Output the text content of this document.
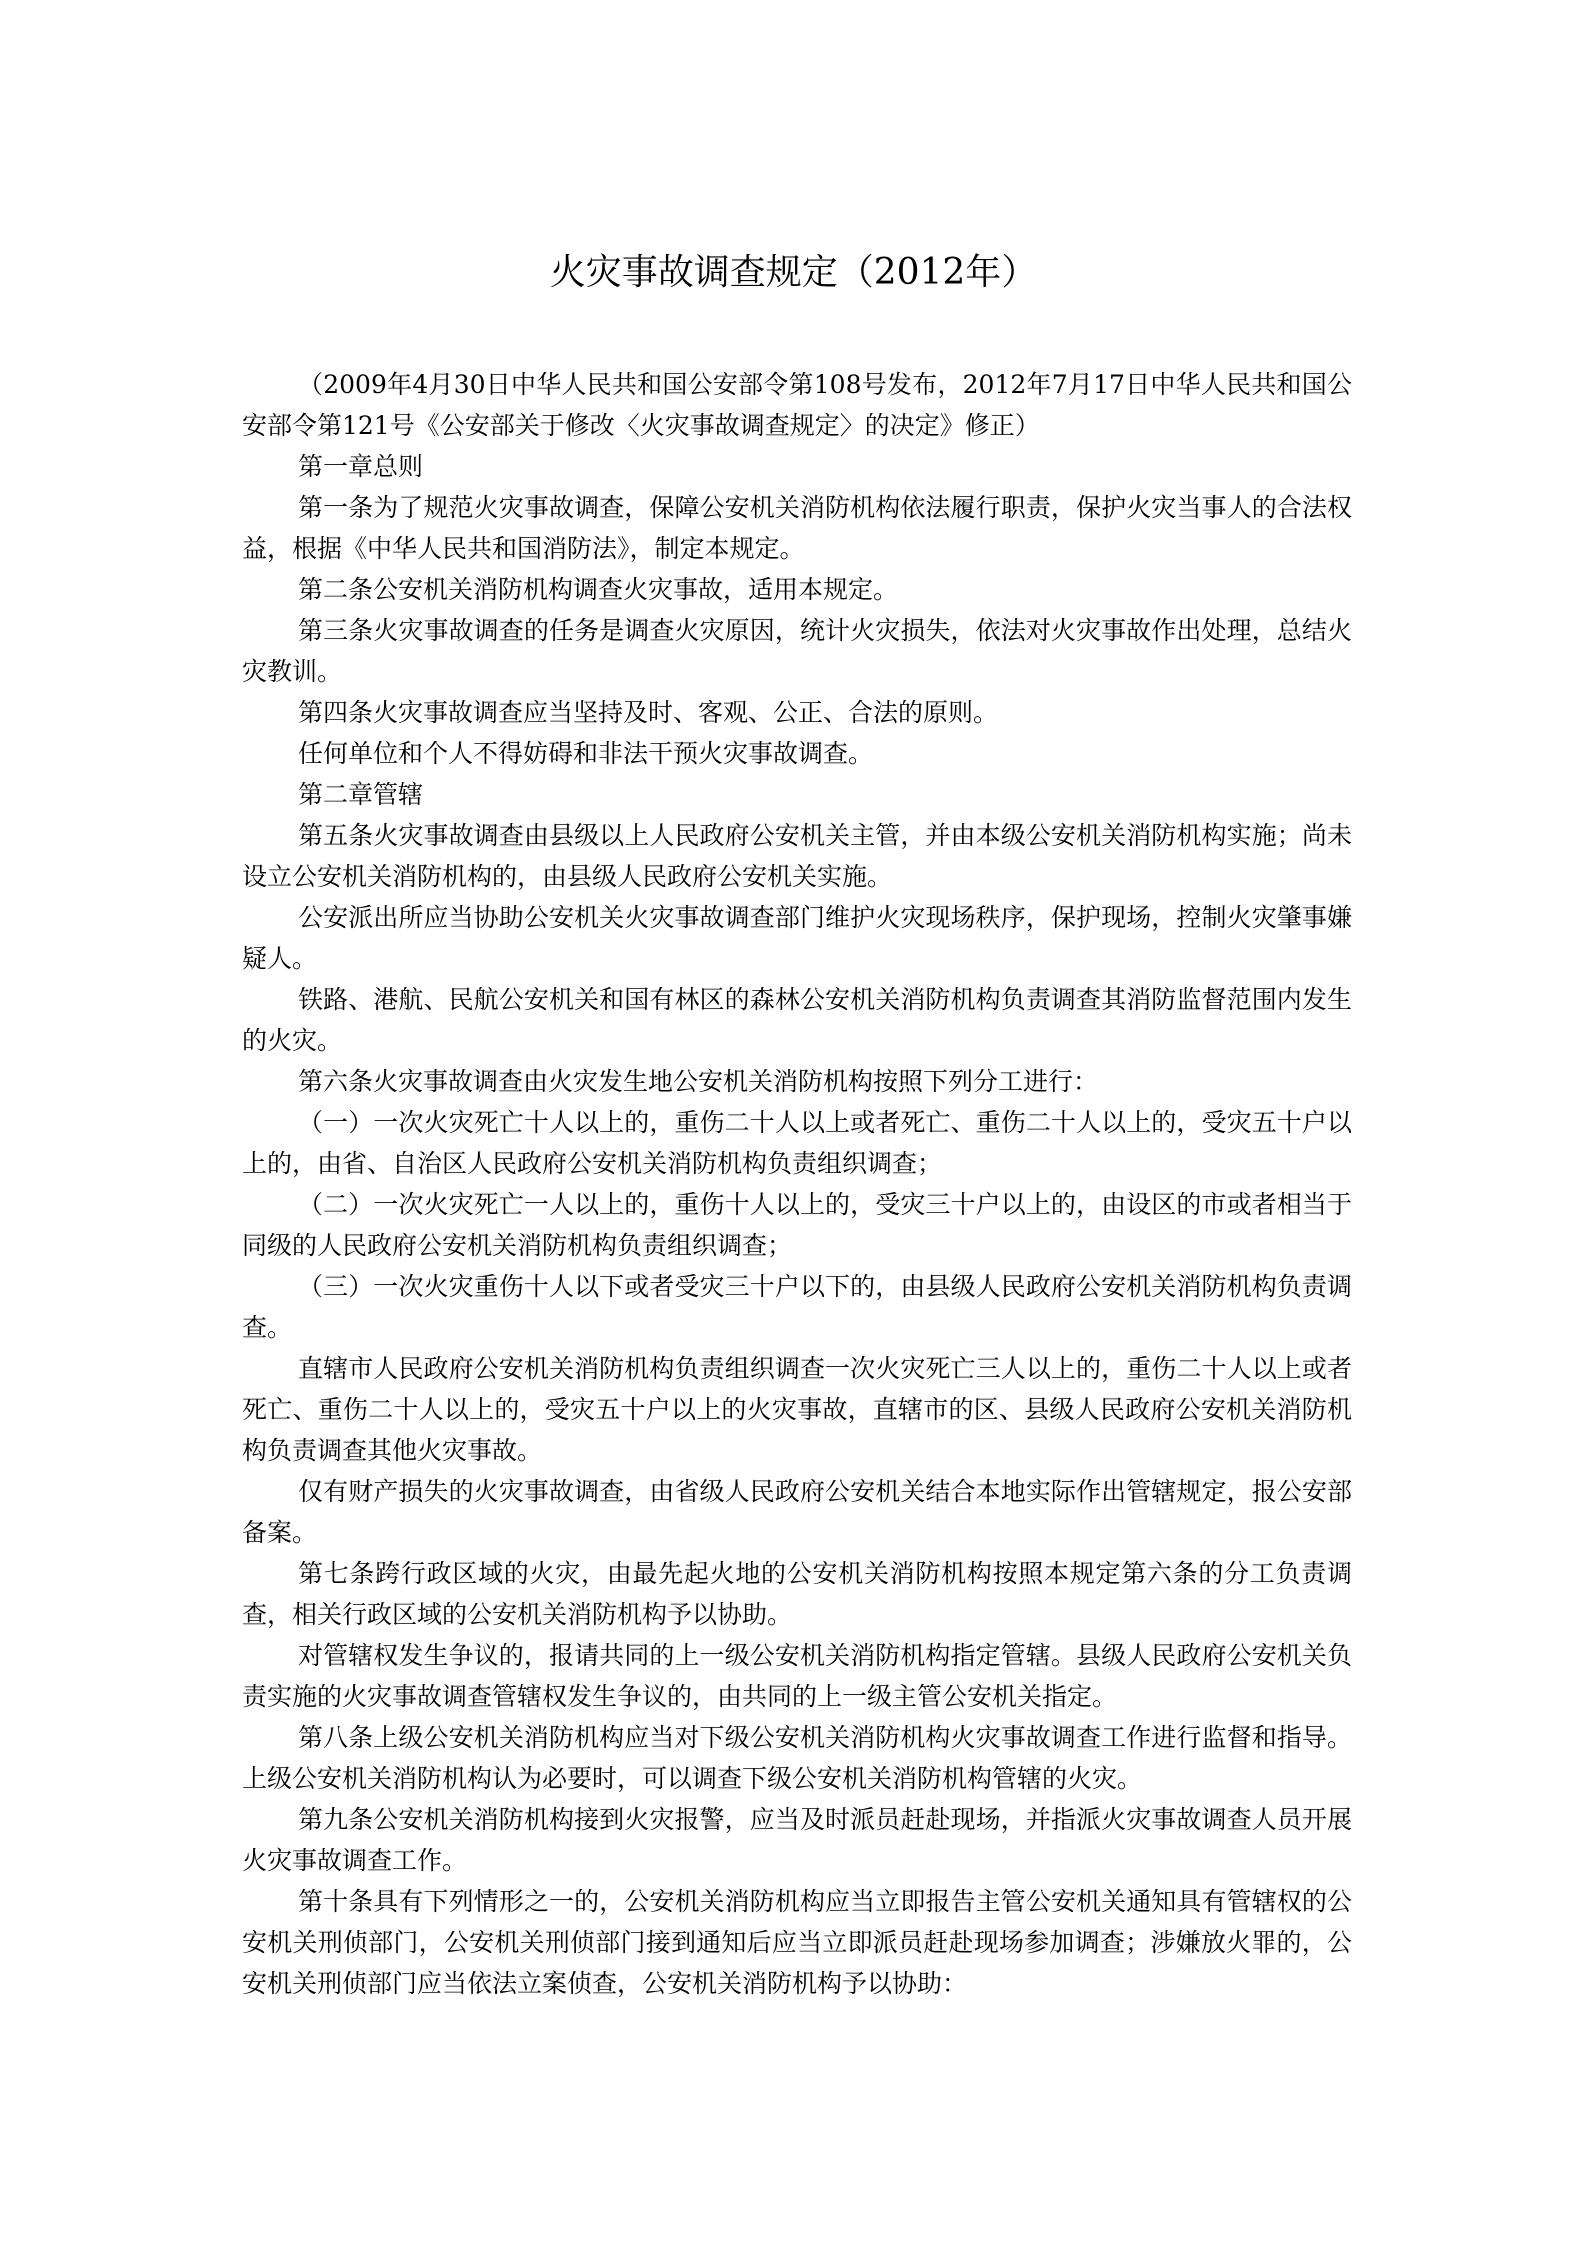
火灾事故调查规定（2012年）

（2009年4月30日中华人民共和国公安部令第108号发布，2012年7月17日中华人民共和国公安部令第121号《公安部关于修改〈火灾事故调查规定〉的决定》修正）

第一章总则

第一条为了规范火灾事故调查，保障公安机关消防机构依法履行职责，保护火灾当事人的合法权益，根据《中华人民共和国消防法》，制定本规定。

第二条公安机关消防机构调查火灾事故，适用本规定。

第三条火灾事故调查的任务是调查火灾原因，统计火灾损失，依法对火灾事故作出处理，总结火灾教训。

第四条火灾事故调查应当坚持及时、客观、公正、合法的原则。

任何单位和个人不得妨碍和非法干预火灾事故调查。

第二章管辖

第五条火灾事故调查由县级以上人民政府公安机关主管，并由本级公安机关消防机构实施；尚未设立公安机关消防机构的，由县级人民政府公安机关实施。

公安派出所应当协助公安机关火灾事故调查部门维护火灾现场秩序，保护现场，控制火灾肇事嫌疑人。

铁路、港航、民航公安机关和国有林区的森林公安机关消防机构负责调查其消防监督范围内发生的火灾。

第六条火灾事故调查由火灾发生地公安机关消防机构按照下列分工进行：

（一）一次火灾死亡十人以上的，重伤二十人以上或者死亡、重伤二十人以上的，受灾五十户以上的，由省、自治区人民政府公安机关消防机构负责组织调查；

（二）一次火灾死亡一人以上的，重伤十人以上的，受灾三十户以上的，由设区的市或者相当于同级的人民政府公安机关消防机构负责组织调查；

（三）一次火灾重伤十人以下或者受灾三十户以下的，由县级人民政府公安机关消防机构负责调查。

直辖市人民政府公安机关消防机构负责组织调查一次火灾死亡三人以上的，重伤二十人以上或者死亡、重伤二十人以上的，受灾五十户以上的火灾事故，直辖市的区、县级人民政府公安机关消防机构负责调查其他火灾事故。

仅有财产损失的火灾事故调查，由省级人民政府公安机关结合本地实际作出管辖规定，报公安部备案。

第七条跨行政区域的火灾，由最先起火地的公安机关消防机构按照本规定第六条的分工负责调查，相关行政区域的公安机关消防机构予以协助。

对管辖权发生争议的，报请共同的上一级公安机关消防机构指定管辖。县级人民政府公安机关负责实施的火灾事故调查管辖权发生争议的，由共同的上一级主管公安机关指定。

第八条上级公安机关消防机构应当对下级公安机关消防机构火灾事故调查工作进行监督和指导。上级公安机关消防机构认为必要时，可以调查下级公安机关消防机构管辖的火灾。

第九条公安机关消防机构接到火灾报警，应当及时派员赶赴现场，并指派火灾事故调查人员开展火灾事故调查工作。

第十条具有下列情形之一的，公安机关消防机构应当立即报告主管公安机关通知具有管辖权的公安机关刑侦部门，公安机关刑侦部门接到通知后应当立即派员赶赴现场参加调查；涉嫌放火罪的，公安机关刑侦部门应当依法立案侦查，公安机关消防机构予以协助：
